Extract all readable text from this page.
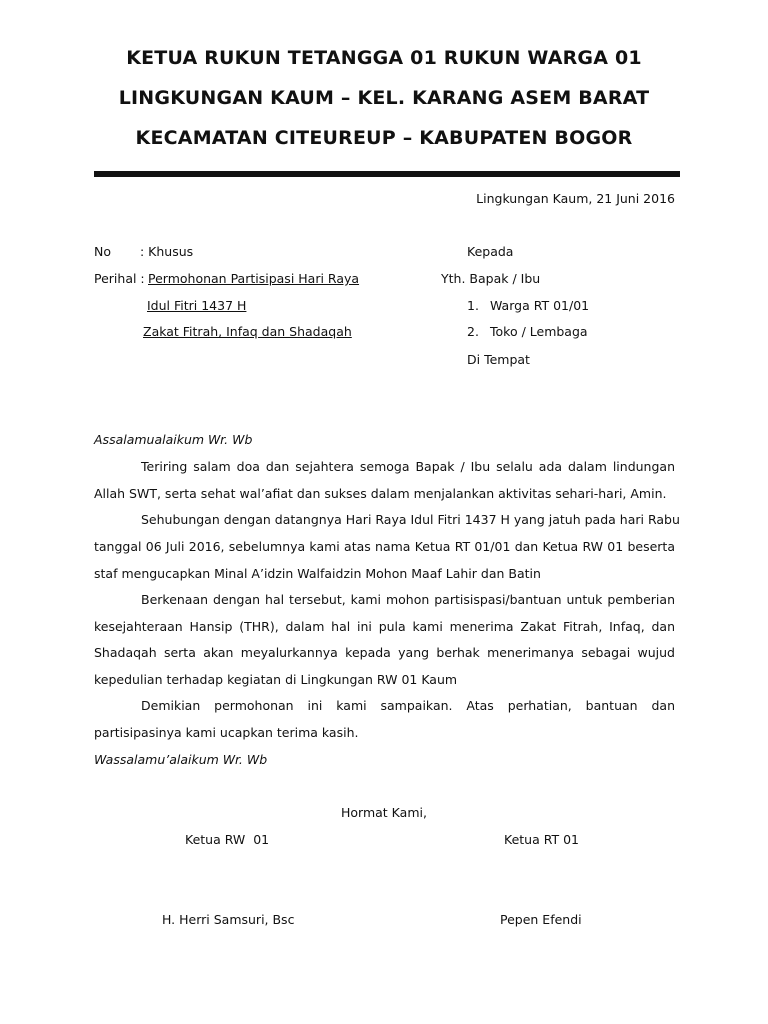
KETUA RUKUN TETANGGA 01 RUKUN WARGA 01
LINGKUNGAN KAUM – KEL. KARANG ASEM BARAT
KECAMATAN CITEUREUP – KABUPATEN BOGOR
Lingkungan Kaum, 21 Juni 2016
No : Khusus
Perihal : Permohonan Partisipasi Hari Raya
Idul Fitri 1437 H
Zakat Fitrah, Infaq dan Shadaqah
Kepada
Yth. Bapak / Ibu
1. Warga RT 01/01
2. Toko / Lembaga
Di Tempat
Assalamualaikum Wr. Wb
Teriring salam doa dan sejahtera semoga Bapak / Ibu selalu ada dalam lindungan
Allah SWT, serta sehat wal’afiat dan sukses dalam menjalankan aktivitas sehari-hari, Amin.
Sehubungan dengan datangnya Hari Raya Idul Fitri 1437 H yang jatuh pada hari Rabu
tanggal 06 Juli 2016, sebelumnya kami atas nama Ketua RT 01/01 dan Ketua RW 01 beserta
staf mengucapkan Minal A’idzin Walfaidzin Mohon Maaf Lahir dan Batin
Berkenaan dengan hal tersebut, kami mohon partisispasi/bantuan untuk pemberian
kesejahteraan Hansip (THR), dalam hal ini pula kami menerima Zakat Fitrah, Infaq, dan
Shadaqah serta akan meyalurkannya kepada yang berhak menerimanya sebagai wujud
kepedulian terhadap kegiatan di Lingkungan RW 01 Kaum
Demikian permohonan ini kami sampaikan. Atas perhatian, bantuan dan
partisipasinya kami ucapkan terima kasih.
Wassalamu’alaikum Wr. Wb
Hormat Kami,
Ketua RW  01	Ketua RT 01
H. Herri Samsuri, Bsc	Pepen Efendi
